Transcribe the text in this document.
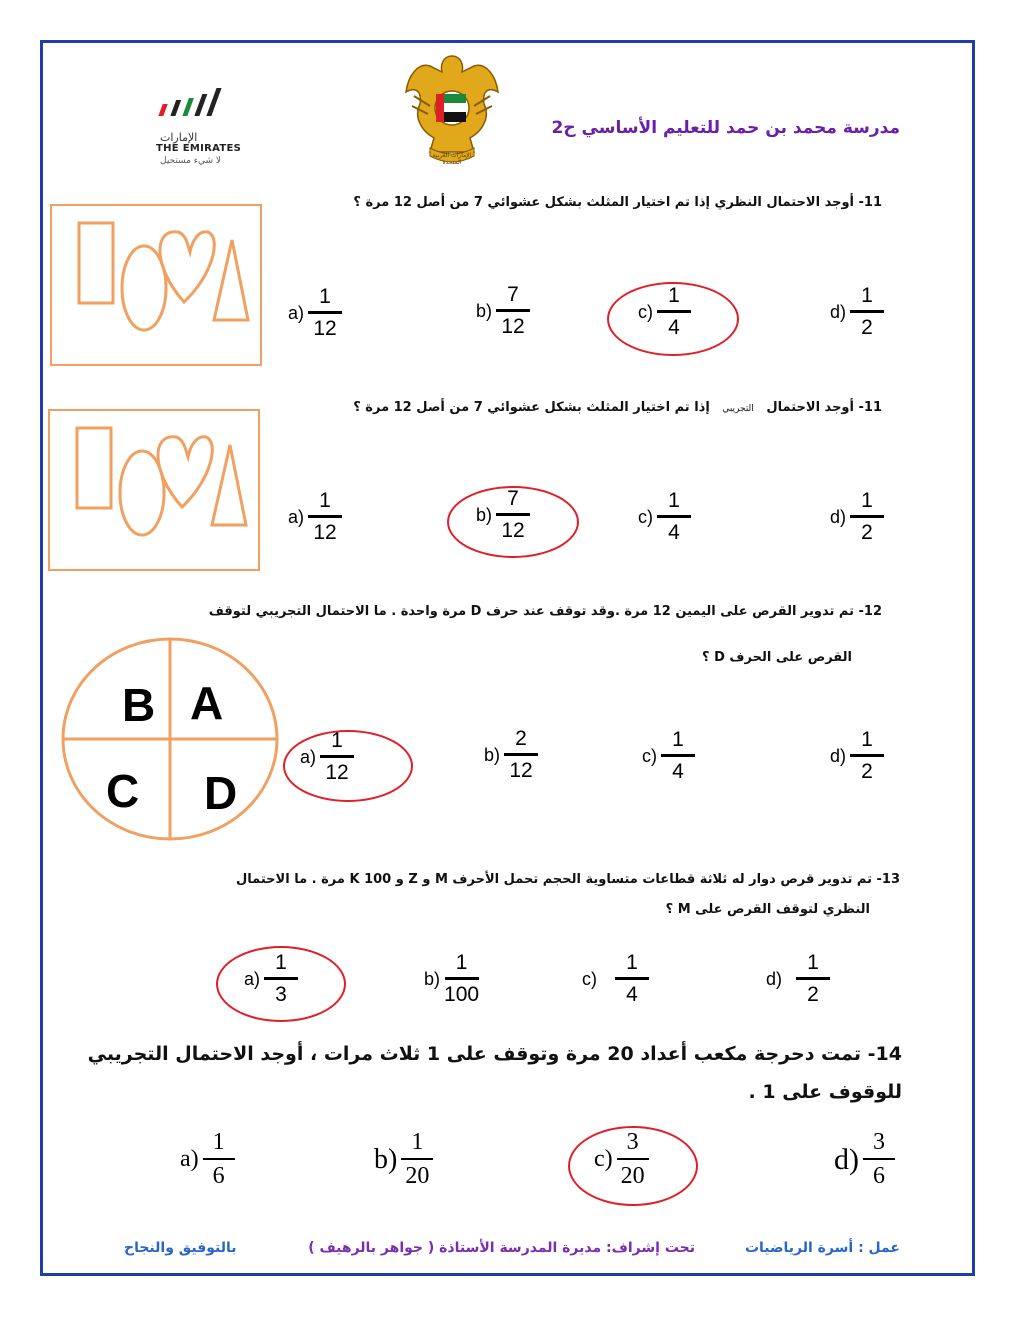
مدرسة محمد بن حمد للتعليم الأساسي ح2
الإمارات
THE EMIRATES
لا شيء مستحيل
الإمارات العربية المتحدة
11- أوجد الاحتمال النظري إذا تم اختيار المثلث بشكل عشوائي 7 من أصل 12 مرة ؟
$a) \frac{1}{12}$	$b) \frac{7}{12}$	$c) \frac{1}{4}$	$d) \frac{1}{2}$
11- أوجد الاحتمال التجريبي إذا تم اختيار المثلث بشكل عشوائي 7 من أصل 12 مرة ؟
$a) \frac{1}{12}$	$b) \frac{7}{12}$	$c) \frac{1}{4}$	$d) \frac{1}{2}$
12- تم تدوير القرص على اليمين 12 مرة .وقد توقف عند حرف D مرة واحدة . ما الاحتمال التجريبي لتوقف
القرص على الحرف D ؟
B A
C D
$a) \frac{1}{12}$	$b) \frac{2}{12}$	$c) \frac{1}{4}$	$d) \frac{1}{2}$
13- تم تدوير قرص دوار له ثلاثة قطاعات متساوية الحجم تحمل الأحرف M و Z و K 100 مرة . ما الاحتمال
النظري لتوقف القرص على M ؟
$a) \frac{1}{3}$	$b) \frac{1}{100}$	$c) \frac{1}{4}$	$d) \frac{1}{2}$
14- تمت دحرجة مكعب أعداد 20 مرة وتوقف على 1 ثلاث مرات ، أوجد الاحتمال التجريبي
للوقوف على 1 .
$a) \frac{1}{6}$	$b) \frac{1}{20}$	$c) \frac{3}{20}$	$d) \frac{3}{6}$
عمل : أسرة الرياضيات
تحت إشراف: مديرة المدرسة الأستاذة ( جواهر بالرهيف )
بالتوفيق والنجاح
